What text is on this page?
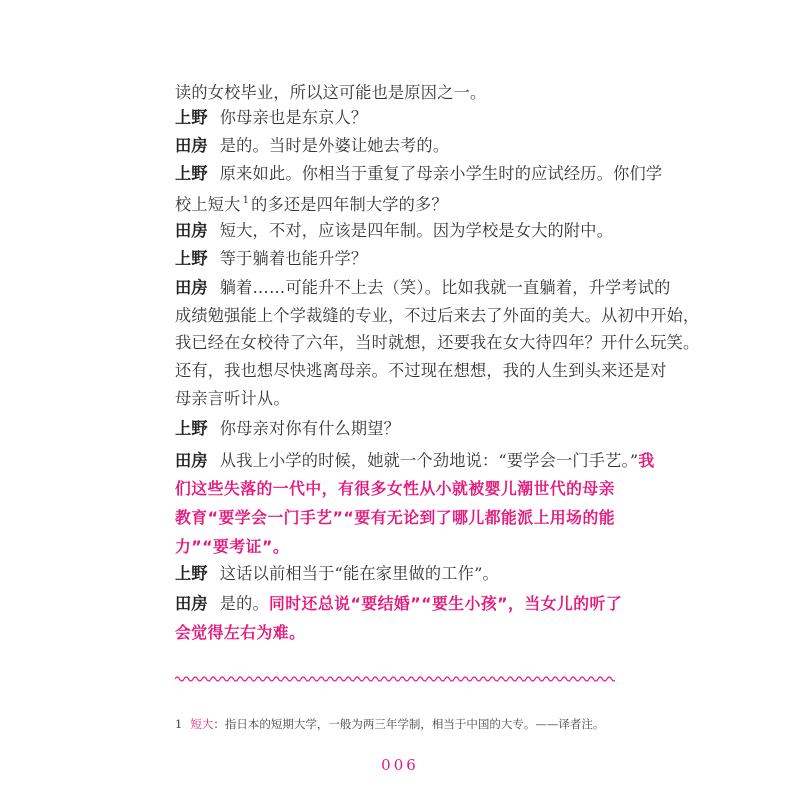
读的女校毕业，所以这可能也是原因之一。
上野 你母亲也是东京人？
田房 是的。当时是外婆让她去考的。
上野 原来如此。你相当于重复了母亲小学生时的应试经历。你们学
校上短大 $^1$ 的多还是四年制大学的多？
田房 短大，不对，应该是四年制。因为学校是女大的附中。
上野 等于躺着也能升学？
田房 躺着……可能升不上去（笑）。比如我就一直躺着，升学考试的
成绩勉强能上个学裁缝的专业，不过后来去了外面的美大。从初中开始，
我已经在女校待了六年，当时就想，还要我在女大待四年？开什么玩笑。
还有，我也想尽快逃离母亲。不过现在想想，我的人生到头来还是对
母亲言听计从。
上野 你母亲对你有什么期望？
田房 从我上小学的时候，她就一个劲地说：“要学会一门手艺。”我
们这些失落的一代中，有很多女性从小就被婴儿潮世代的母亲
教育“要学会一门手艺”“要有无论到了哪儿都能派上用场的能
力”“要考证”。
上野 这话以前相当于“能在家里做的工作”。
田房 是的。同时还总说“要结婚”“要生小孩”，当女儿的听了
会觉得左右为难。
1 短大：指日本的短期大学，一般为两三年学制，相当于中国的大专。——译者注。
006
